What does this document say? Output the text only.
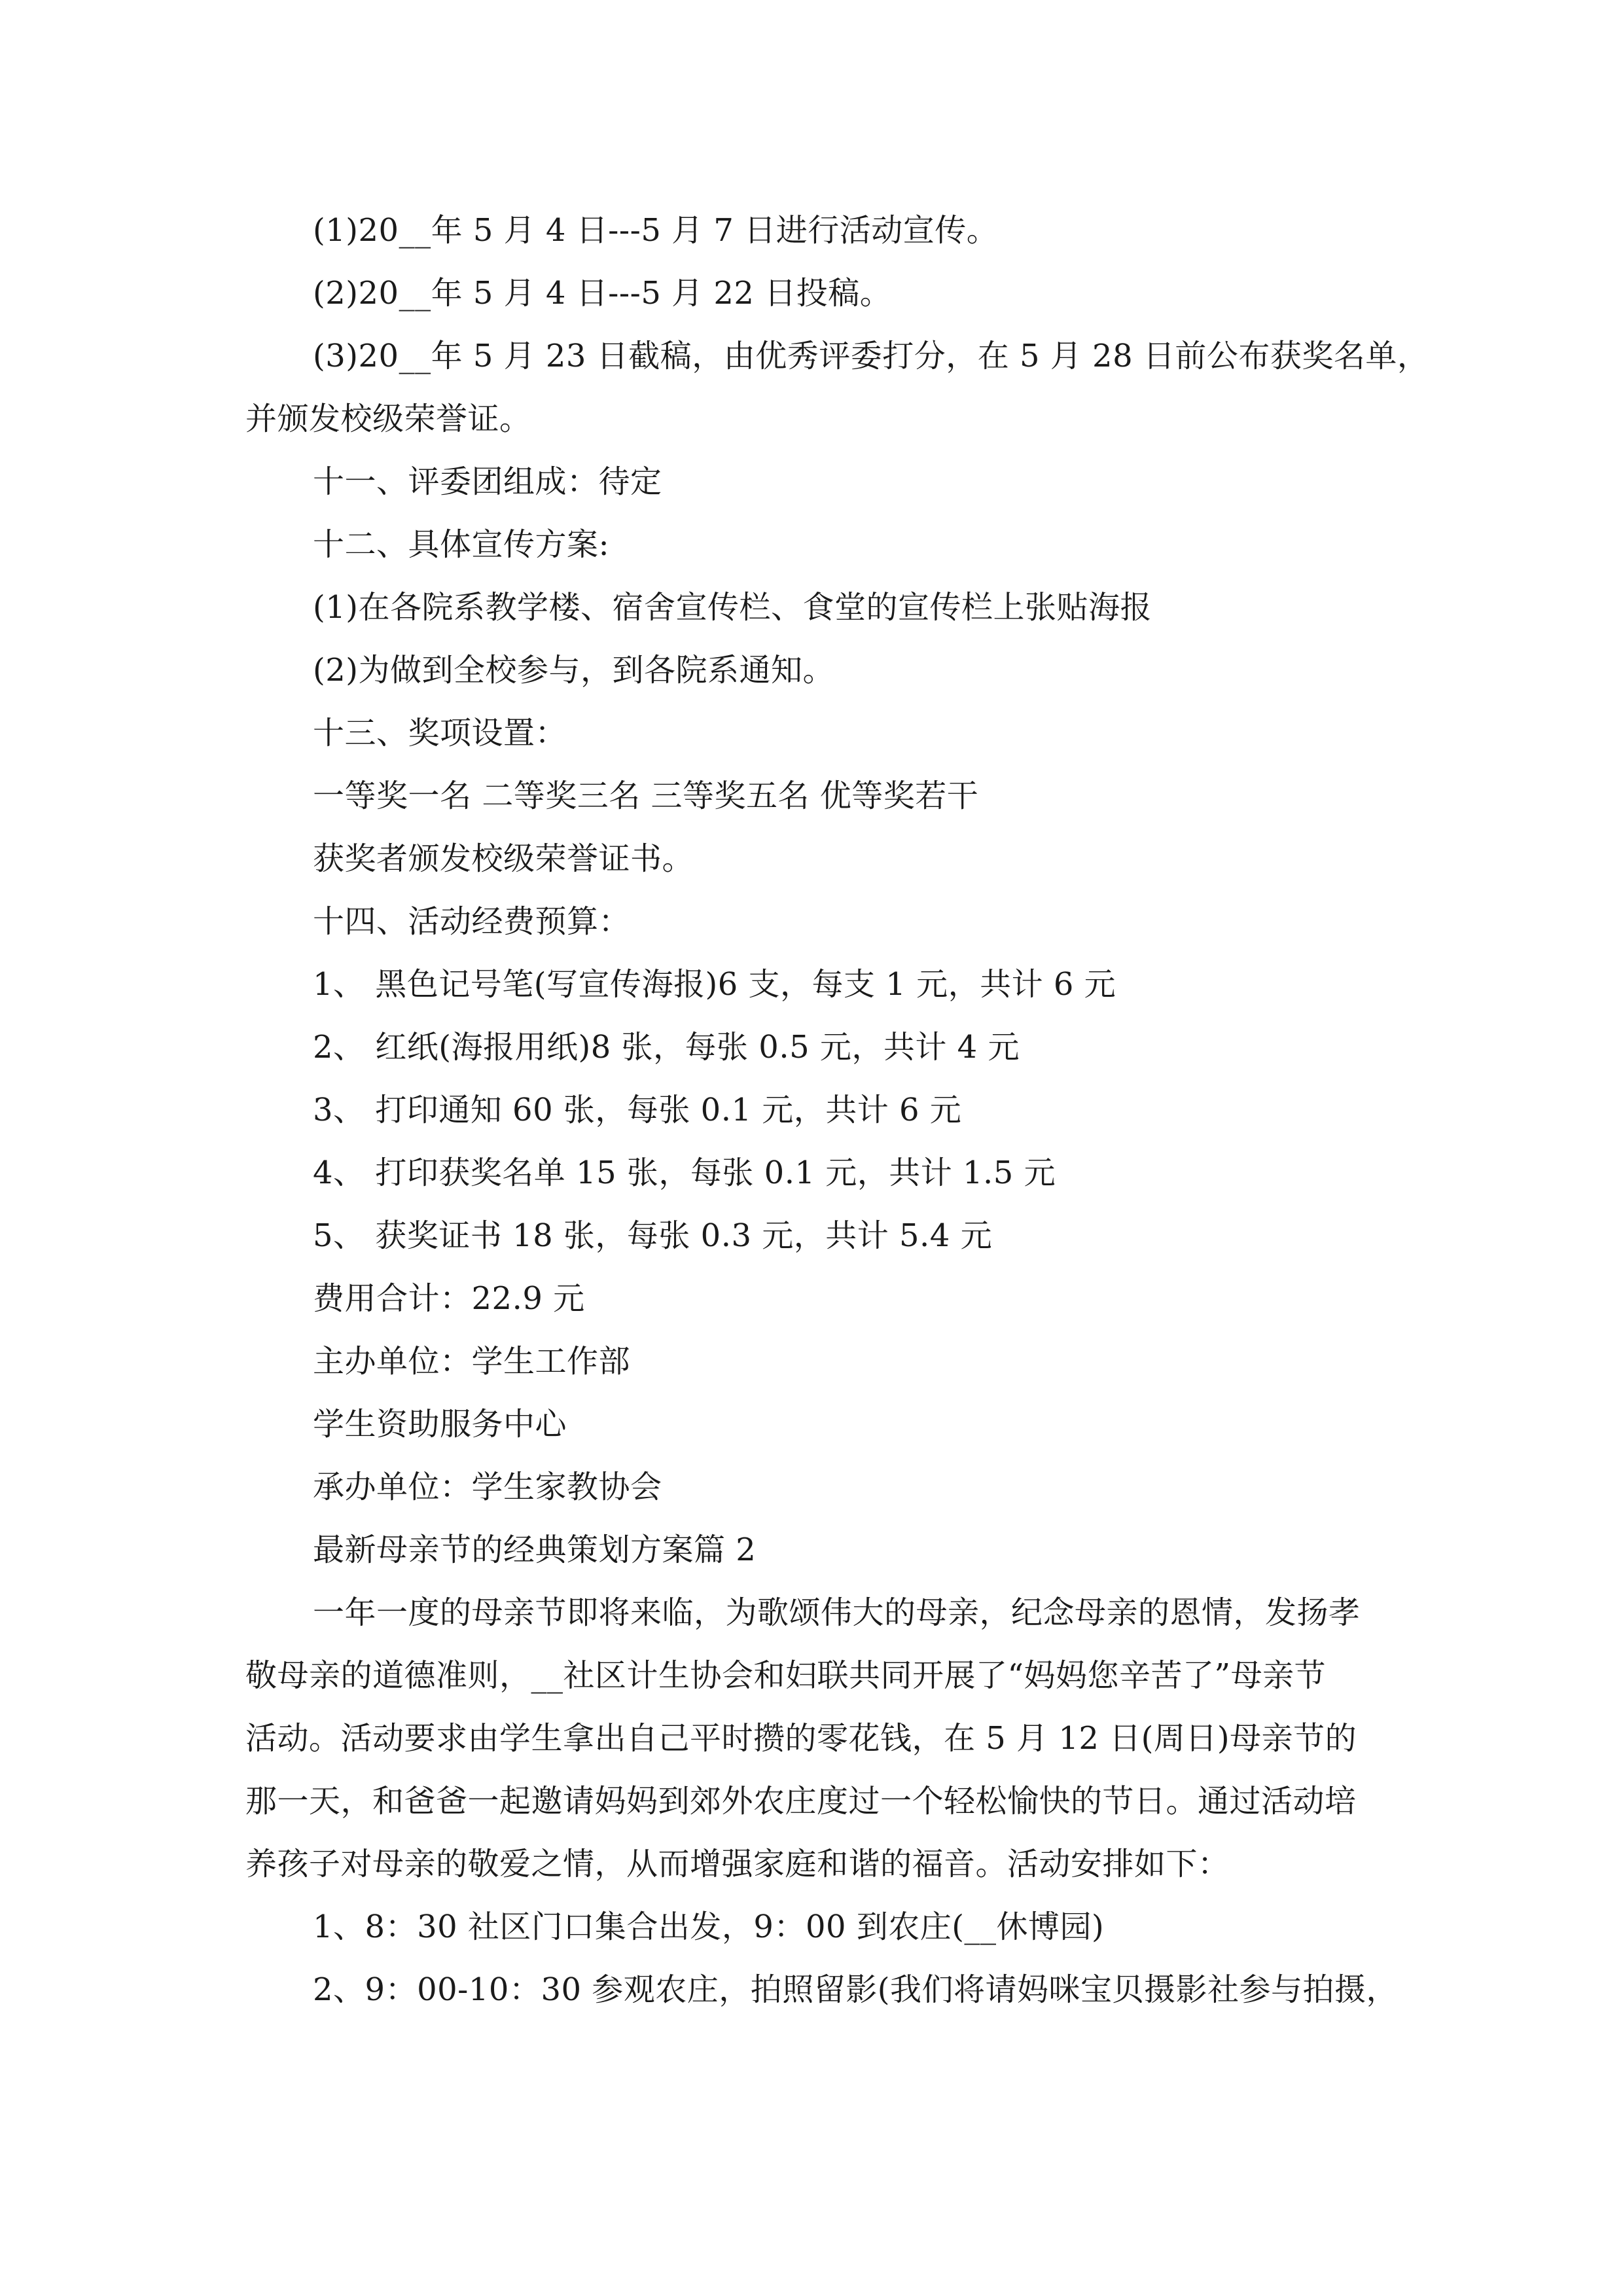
(1)20__年 5 月 4 日---5 月 7 日进行活动宣传。
(2)20__年 5 月 4 日---5 月 22 日投稿。
(3)20__年 5 月 23 日截稿，由优秀评委打分，在 5 月 28 日前公布获奖名单，
并颁发校级荣誉证。
十一、评委团组成：待定
十二、具体宣传方案:
(1)在各院系教学楼、宿舍宣传栏、食堂的宣传栏上张贴海报
(2)为做到全校参与，到各院系通知。
十三、奖项设置：
一等奖一名 二等奖三名 三等奖五名 优等奖若干
获奖者颁发校级荣誉证书。
十四、活动经费预算：
1、 黑色记号笔(写宣传海报)6 支，每支 1 元，共计 6 元
2、 红纸(海报用纸)8 张，每张 0.5 元，共计 4 元
3、 打印通知 60 张，每张 0.1 元，共计 6 元
4、 打印获奖名单 15 张，每张 0.1 元，共计 1.5 元
5、 获奖证书 18 张，每张 0.3 元，共计 5.4 元
费用合计：22.9 元
主办单位：学生工作部
学生资助服务中心
承办单位：学生家教协会
最新母亲节的经典策划方案篇 2
一年一度的母亲节即将来临，为歌颂伟大的母亲，纪念母亲的恩情，发扬孝
敬母亲的道德准则，__社区计生协会和妇联共同开展了“妈妈您辛苦了”母亲节
活动。活动要求由学生拿出自己平时攒的零花钱，在 5 月 12 日(周日)母亲节的
那一天，和爸爸一起邀请妈妈到郊外农庄度过一个轻松愉快的节日。通过活动培
养孩子对母亲的敬爱之情，从而增强家庭和谐的福音。活动安排如下：
1、8：30 社区门口集合出发，9：00 到农庄(__休博园)
2、9：00-10：30 参观农庄，拍照留影(我们将请妈咪宝贝摄影社参与拍摄，
